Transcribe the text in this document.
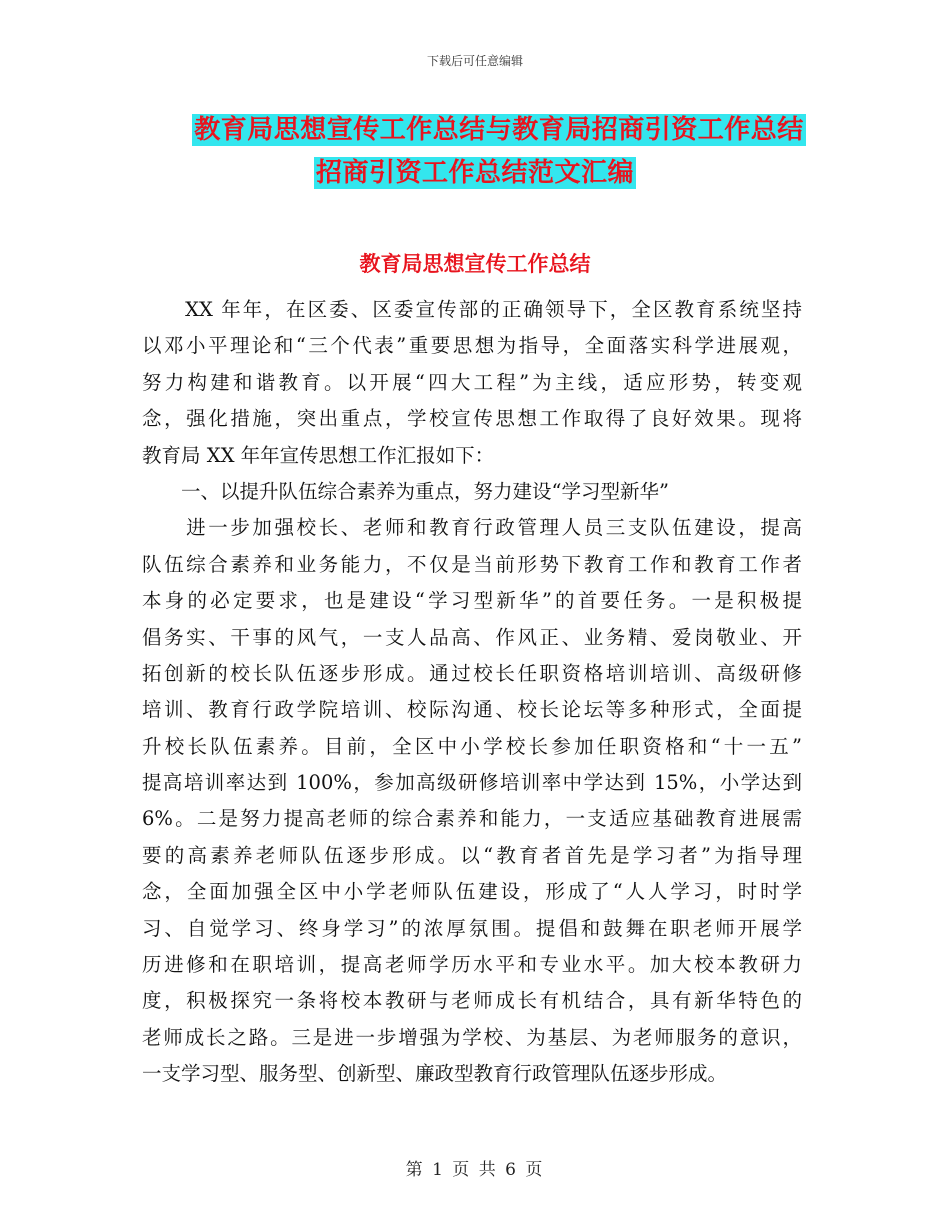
下载后可任意编辑
教育局思想宣传工作总结与教育局招商引资工作总结
招商引资工作总结范文汇编
教育局思想宣传工作总结
　　XX 年年，在区委、区委宣传部的正确领导下，全区教育系统坚持
以邓小平理论和“三个代表”重要思想为指导，全面落实科学进展观，
努力构建和谐教育。以开展“四大工程”为主线，适应形势，转变观
念，强化措施，突出重点，学校宣传思想工作取得了良好效果。现将
教育局 XX 年年宣传思想工作汇报如下：
　　一、以提升队伍综合素养为重点，努力建设“学习型新华”
　　进一步加强校长、老师和教育行政管理人员三支队伍建设，提高
队伍综合素养和业务能力，不仅是当前形势下教育工作和教育工作者
本身的必定要求，也是建设“学习型新华”的首要任务。一是积极提
倡务实、干事的风气，一支人品高、作风正、业务精、爱岗敬业、开
拓创新的校长队伍逐步形成。通过校长任职资格培训培训、高级研修
培训、教育行政学院培训、校际沟通、校长论坛等多种形式，全面提
升校长队伍素养。目前，全区中小学校长参加任职资格和“十一五”
提高培训率达到 100%，参加高级研修培训率中学达到 15%，小学达到
6%。二是努力提高老师的综合素养和能力，一支适应基础教育进展需
要的高素养老师队伍逐步形成。以“教育者首先是学习者”为指导理
念，全面加强全区中小学老师队伍建设，形成了“人人学习，时时学
习、自觉学习、终身学习”的浓厚氛围。提倡和鼓舞在职老师开展学
历进修和在职培训，提高老师学历水平和专业水平。加大校本教研力
度，积极探究一条将校本教研与老师成长有机结合，具有新华特色的
老师成长之路。三是进一步增强为学校、为基层、为老师服务的意识，
一支学习型、服务型、创新型、廉政型教育行政管理队伍逐步形成。
第 1 页 共 6 页
